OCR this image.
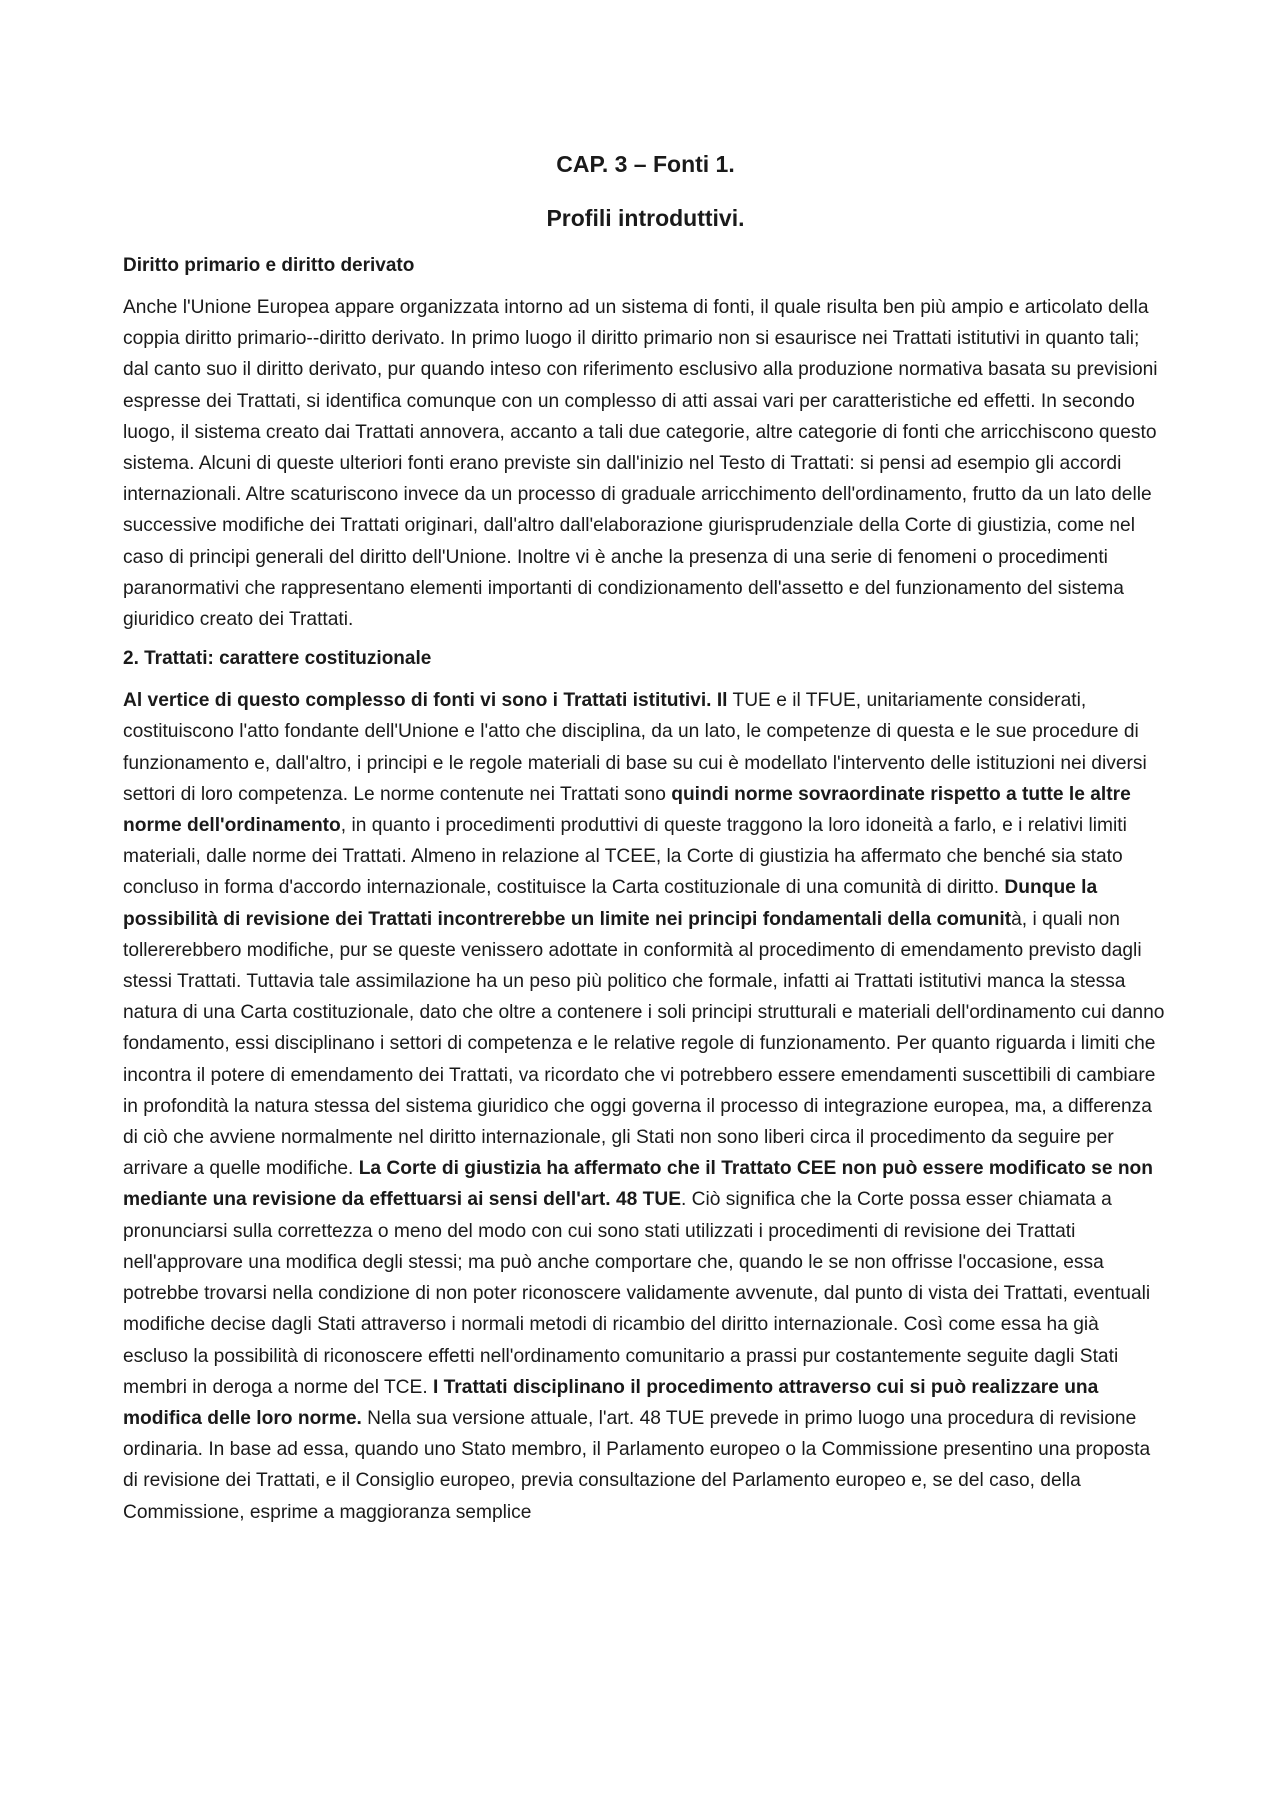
CAP. 3 – Fonti 1.
Profili introduttivi.
Diritto primario e diritto derivato

Anche l'Unione Europea appare organizzata intorno ad un sistema di fonti, il quale risulta ben più ampio e articolato della coppia diritto primario--diritto derivato. In primo luogo il diritto primario non si esaurisce nei Trattati istitutivi in quanto tali; dal canto suo il diritto derivato, pur quando inteso con riferimento esclusivo alla produzione normativa basata su previsioni espresse dei Trattati, si identifica comunque con un complesso di atti assai vari per caratteristiche ed effetti. In secondo luogo, il sistema creato dai Trattati annovera, accanto a tali due categorie, altre categorie di fonti che arricchiscono questo sistema. Alcuni di queste ulteriori fonti erano previste sin dall'inizio nel Testo di Trattati: si pensi ad esempio gli accordi internazionali. Altre scaturiscono invece da un processo di graduale arricchimento dell'ordinamento, frutto da un lato delle successive modifiche dei Trattati originari, dall'altro dall'elaborazione giurisprudenziale della Corte di giustizia, come nel caso di principi generali del diritto dell'Unione. Inoltre vi è anche la presenza di una serie di fenomeni o procedimenti paranormativi che rappresentano elementi importanti di condizionamento dell'assetto e del funzionamento del sistema giuridico creato dei Trattati.

2. Trattati: carattere costituzionale

Al vertice di questo complesso di fonti vi sono i Trattati istitutivi. Il TUE e il TFUE, unitariamente considerati, costituiscono l'atto fondante dell'Unione e l'atto che disciplina, da un lato, le competenze di questa e le sue procedure di funzionamento e, dall'altro, i principi e le regole materiali di base su cui è modellato l'intervento delle istituzioni nei diversi settori di loro competenza. Le norme contenute nei Trattati sono quindi norme sovraordinate rispetto a tutte le altre norme dell'ordinamento, in quanto i procedimenti produttivi di queste traggono la loro idoneità a farlo, e i relativi limiti materiali, dalle norme dei Trattati. Almeno in relazione al TCEE, la Corte di giustizia ha affermato che benché sia stato concluso in forma d'accordo internazionale, costituisce la Carta costituzionale di una comunità di diritto. Dunque la possibilità di revisione dei Trattati incontrerebbe un limite nei principi fondamentali della comunità, i quali non tollererebbero modifiche, pur se queste venissero adottate in conformità al procedimento di emendamento previsto dagli stessi Trattati. Tuttavia tale assimilazione ha un peso più politico che formale, infatti ai Trattati istitutivi manca la stessa natura di una Carta costituzionale, dato che oltre a contenere i soli principi strutturali e materiali dell'ordinamento cui danno fondamento, essi disciplinano i settori di competenza e le relative regole di funzionamento. Per quanto riguarda i limiti che incontra il potere di emendamento dei Trattati, va ricordato che vi potrebbero essere emendamenti suscettibili di cambiare in profondità la natura stessa del sistema giuridico che oggi governa il processo di integrazione europea, ma, a differenza di ciò che avviene normalmente nel diritto internazionale, gli Stati non sono liberi circa il procedimento da seguire per arrivare a quelle modifiche. La Corte di giustizia ha affermato che il Trattato CEE non può essere modificato se non mediante una revisione da effettuarsi ai sensi dell'art. 48 TUE. Ciò significa che la Corte possa esser chiamata a pronunciarsi sulla correttezza o meno del modo con cui sono stati utilizzati i procedimenti di revisione dei Trattati nell'approvare una modifica degli stessi; ma può anche comportare che, quando le se non offrisse l'occasione, essa potrebbe trovarsi nella condizione di non poter riconoscere validamente avvenute, dal punto di vista dei Trattati, eventuali modifiche decise dagli Stati attraverso i normali metodi di ricambio del diritto internazionale. Così come essa ha già escluso la possibilità di riconoscere effetti nell'ordinamento comunitario a prassi pur costantemente seguite dagli Stati membri in deroga a norme del TCE. I Trattati disciplinano il procedimento attraverso cui si può realizzare una modifica delle loro norme. Nella sua versione attuale, l'art. 48 TUE prevede in primo luogo una procedura di revisione ordinaria. In base ad essa, quando uno Stato membro, il Parlamento europeo o la Commissione presentino una proposta di revisione dei Trattati, e il Consiglio europeo, previa consultazione del Parlamento europeo e, se del caso, della Commissione, esprime a maggioranza semplice
